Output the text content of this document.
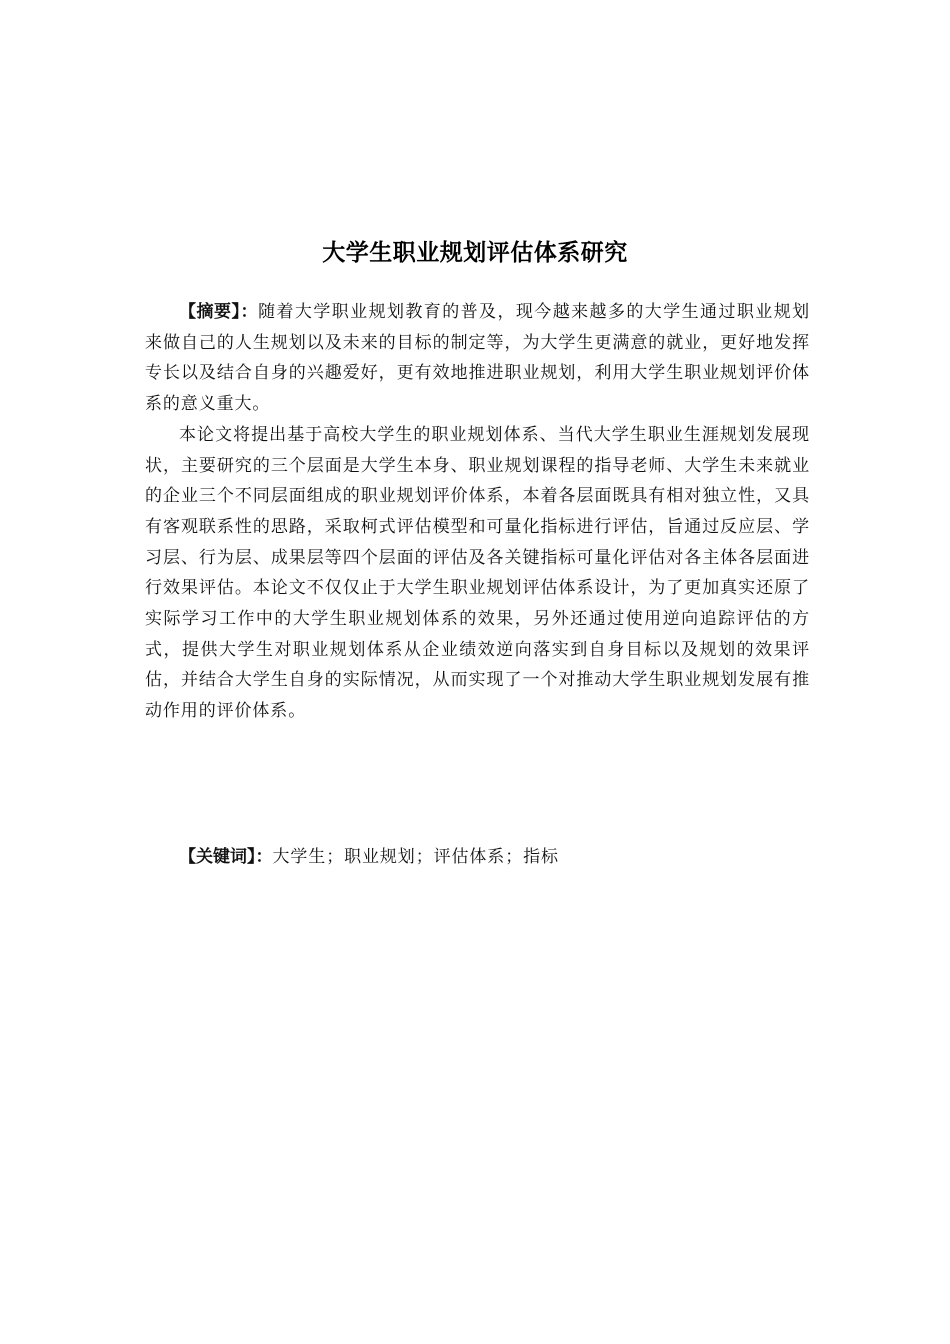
大学生职业规划评估体系研究

【摘要】：随着大学职业规划教育的普及，现今越来越多的大学生通过职业规划来做自己的人生规划以及未来的目标的制定等，为大学生更满意的就业，更好地发挥专长以及结合自身的兴趣爱好，更有效地推进职业规划，利用大学生职业规划评价体系的意义重大。

本论文将提出基于高校大学生的职业规划体系、当代大学生职业生涯规划发展现状，主要研究的三个层面是大学生本身、职业规划课程的指导老师、大学生未来就业的企业三个不同层面组成的职业规划评价体系，本着各层面既具有相对独立性，又具有客观联系性的思路，采取柯式评估模型和可量化指标进行评估，旨通过反应层、学习层、行为层、成果层等四个层面的评估及各关键指标可量化评估对各主体各层面进行效果评估。本论文不仅仅止于大学生职业规划评估体系设计，为了更加真实还原了实际学习工作中的大学生职业规划体系的效果，另外还通过使用逆向追踪评估的方式，提供大学生对职业规划体系从企业绩效逆向落实到自身目标以及规划的效果评估，并结合大学生自身的实际情况，从而实现了一个对推动大学生职业规划发展有推动作用的评价体系。

【关键词】：大学生；职业规划；评估体系；指标
